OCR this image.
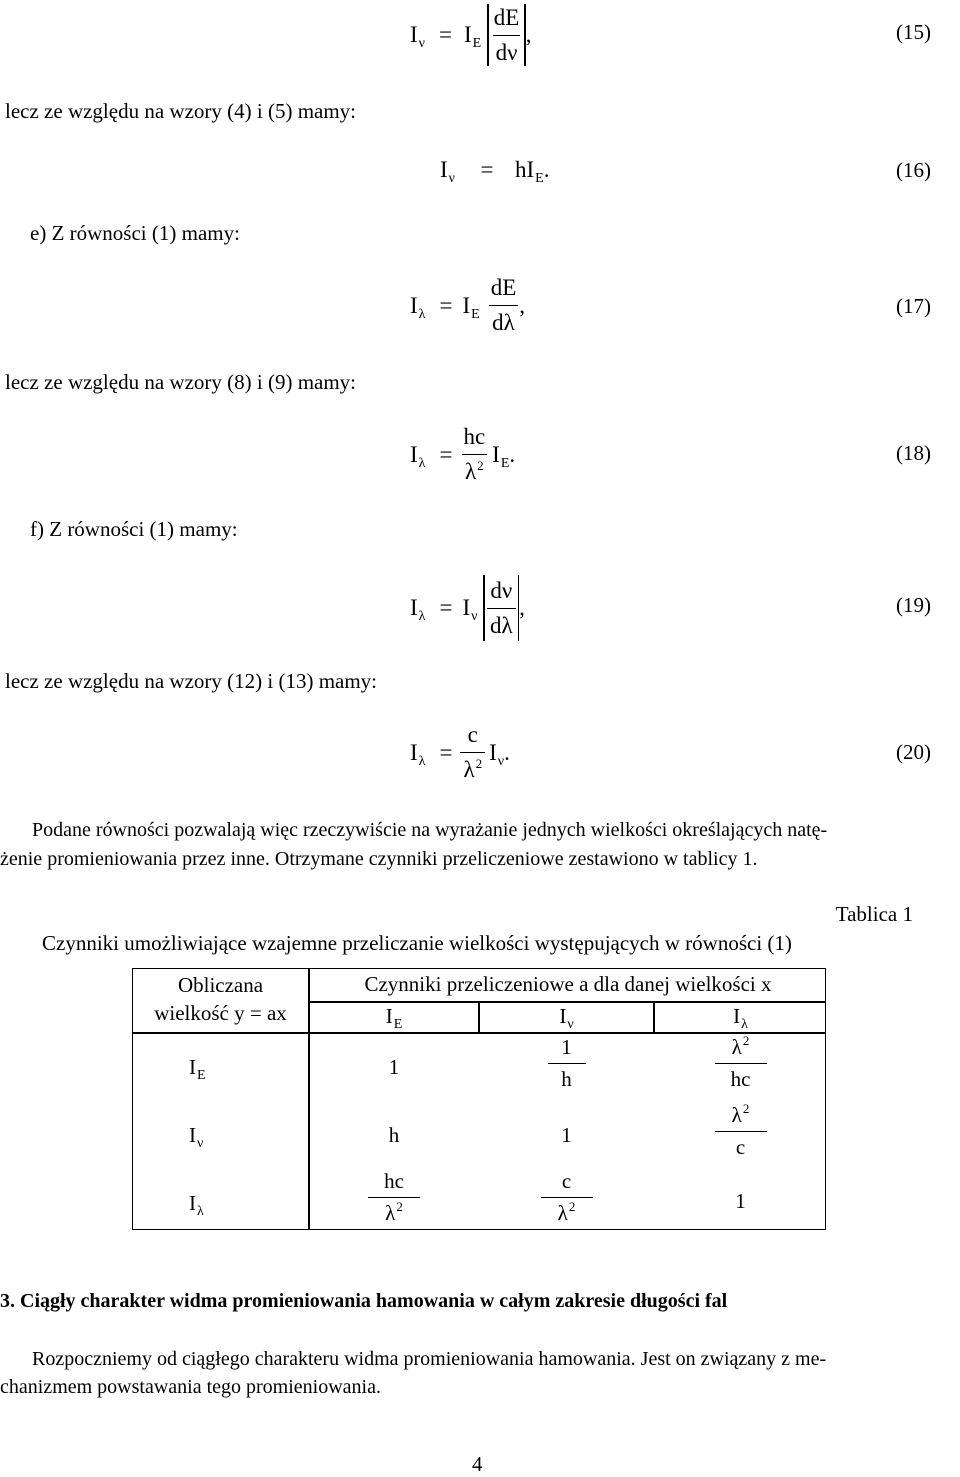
$I_\nu = I_E \frac{dE}{d\nu}$ ,	(15)
lecz ze względu na wzory (4) i (5) mamy:
$I_\nu = hI_E$.	(16)
e) Z równości (1) mamy:
$I_\lambda = I_E \frac{dE}{d\lambda}$ ,	(17)
lecz ze względu na wzory (8) i (9) mamy:
$I_\lambda = \frac{hc}{\lambda^2} I_E$ .	(18)
f) Z równości (1) mamy:
$I_\lambda = I_\nu \frac{d\nu}{d\lambda}$ ,	(19)
lecz ze względu na wzory (12) i (13) mamy:
$I_\lambda = \frac{c}{\lambda^2} I_\nu$ .	(20)
Podane równości pozwalają więc rzeczywiście na wyrażanie jednych wielkości określających natę-
żenie promieniowania przez inne. Otrzymane czynniki przeliczeniowe zestawiono w tablicy 1.
Tablica 1
Czynniki umożliwiające wzajemne przeliczanie wielkości występujących w równości (1)
Obliczana
wielkość y = ax
Czynniki przeliczeniowe a dla danej wielkości x
$I_E$	$I_\nu$	$I_\lambda$
$I_E$	1	$\frac{1}{h}$	$\frac{\lambda^2}{hc}$
$I_\nu$	h	1	$\frac{\lambda^2}{c}$
$I_\lambda$	$\frac{hc}{\lambda^2}$	$\frac{c}{\lambda^2}$	1
3. Ciągły charakter widma promieniowania hamowania w całym zakresie długości fal
Rozpoczniemy od ciągłego charakteru widma promieniowania hamowania. Jest on związany z me-
chanizmem powstawania tego promieniowania.
4
